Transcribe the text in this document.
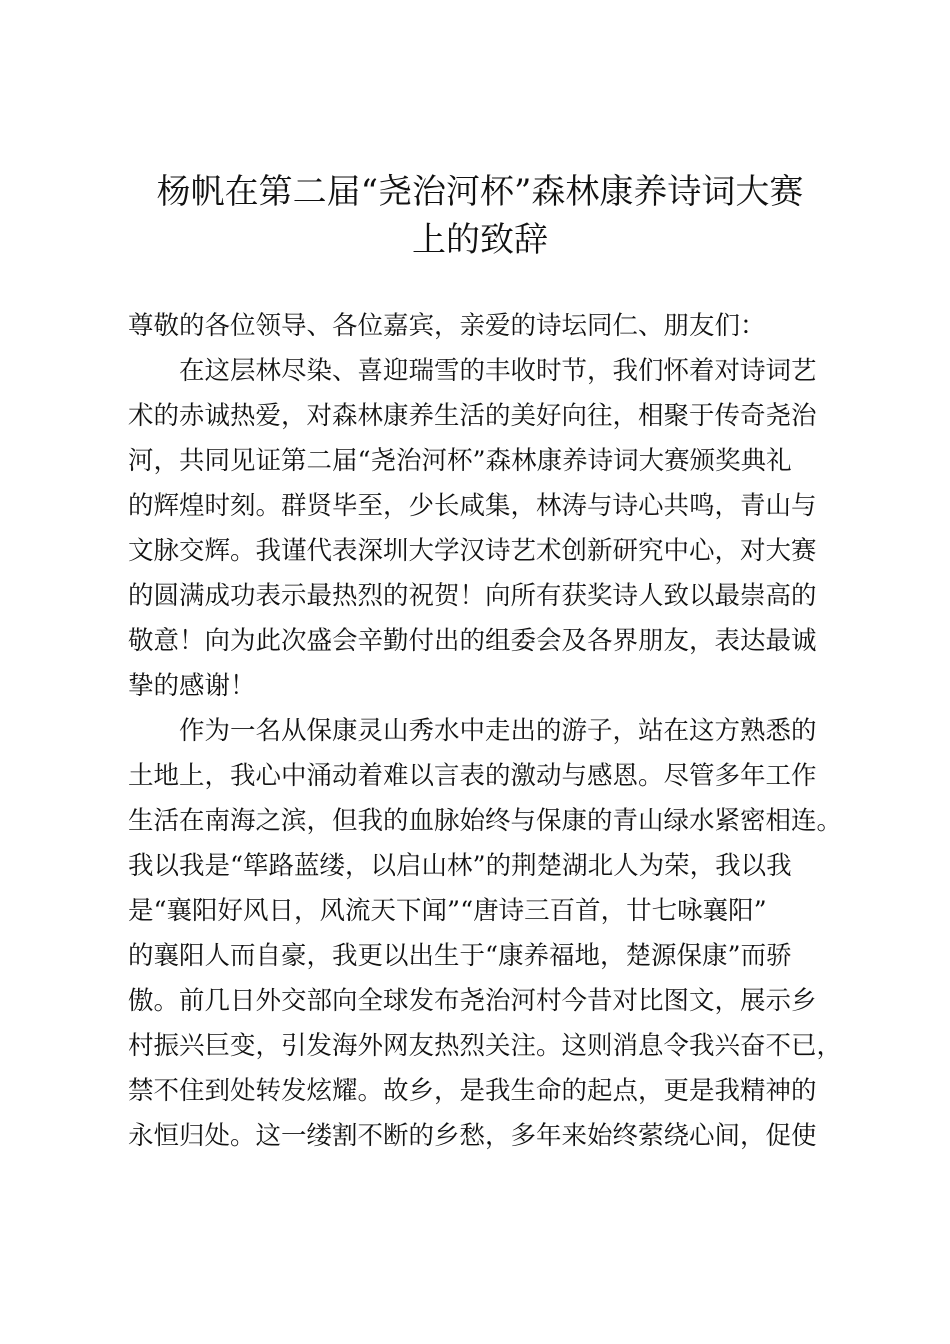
杨帆在第二届“尧治河杯”森林康养诗词大赛
上的致辞
尊敬的各位领导、各位嘉宾，亲爱的诗坛同仁、朋友们：
　　在这层林尽染、喜迎瑞雪的丰收时节，我们怀着对诗词艺
术的赤诚热爱，对森林康养生活的美好向往，相聚于传奇尧治
河，共同见证第二届“尧治河杯”森林康养诗词大赛颁奖典礼
的辉煌时刻。群贤毕至，少长咸集，林涛与诗心共鸣，青山与
文脉交辉。我谨代表深圳大学汉诗艺术创新研究中心，对大赛
的圆满成功表示最热烈的祝贺！向所有获奖诗人致以最崇高的
敬意！向为此次盛会辛勤付出的组委会及各界朋友，表达最诚
挚的感谢！
　　作为一名从保康灵山秀水中走出的游子，站在这方熟悉的
土地上，我心中涌动着难以言表的激动与感恩。尽管多年工作
生活在南海之滨，但我的血脉始终与保康的青山绿水紧密相连。
我以我是“筚路蓝缕，以启山林”的荆楚湖北人为荣，我以我
是“襄阳好风日，风流天下闻”“唐诗三百首，廿七咏襄阳”
的襄阳人而自豪，我更以出生于“康养福地，楚源保康”而骄
傲。前几日外交部向全球发布尧治河村今昔对比图文，展示乡
村振兴巨变，引发海外网友热烈关注。这则消息令我兴奋不已，
禁不住到处转发炫耀。故乡，是我生命的起点，更是我精神的
永恒归处。这一缕割不断的乡愁，多年来始终萦绕心间，促使
